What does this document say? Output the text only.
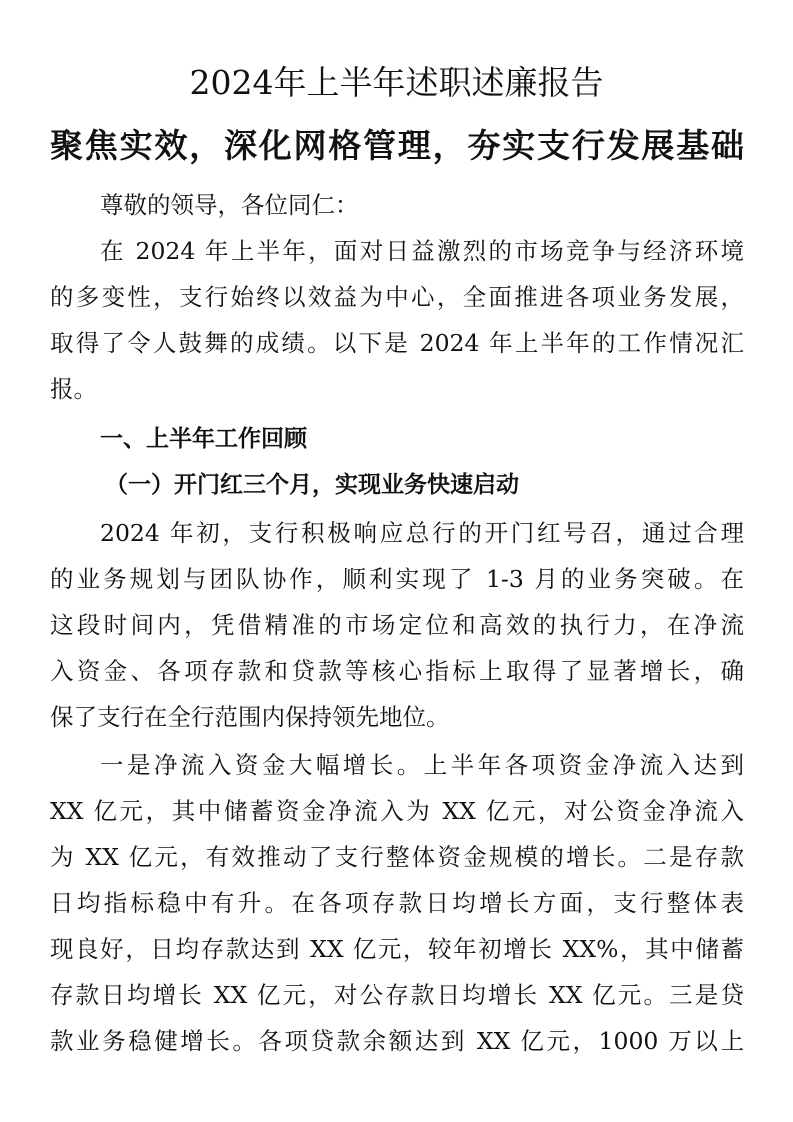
2024年上半年述职述廉报告
聚焦实效，深化网格管理，夯实支行发展基础
尊敬的领导，各位同仁：
在 2024 年上半年，面对日益激烈的市场竞争与经济环境
的多变性，支行始终以效益为中心，全面推进各项业务发展，
取得了令人鼓舞的成绩。以下是 2024 年上半年的工作情况汇
报。
一、上半年工作回顾
（一）开门红三个月，实现业务快速启动
2024 年初，支行积极响应总行的开门红号召，通过合理
的业务规划与团队协作，顺利实现了 1-3 月的业务突破。在
这段时间内，凭借精准的市场定位和高效的执行力，在净流
入资金、各项存款和贷款等核心指标上取得了显著增长，确
保了支行在全行范围内保持领先地位。
一是净流入资金大幅增长。上半年各项资金净流入达到
XX 亿元，其中储蓄资金净流入为 XX 亿元，对公资金净流入
为 XX 亿元，有效推动了支行整体资金规模的增长。二是存款
日均指标稳中有升。在各项存款日均增长方面，支行整体表
现良好，日均存款达到 XX 亿元，较年初增长 XX%，其中储蓄
存款日均增长 XX 亿元，对公存款日均增长 XX 亿元。三是贷
款业务稳健增长。各项贷款余额达到 XX 亿元，1000 万以上
